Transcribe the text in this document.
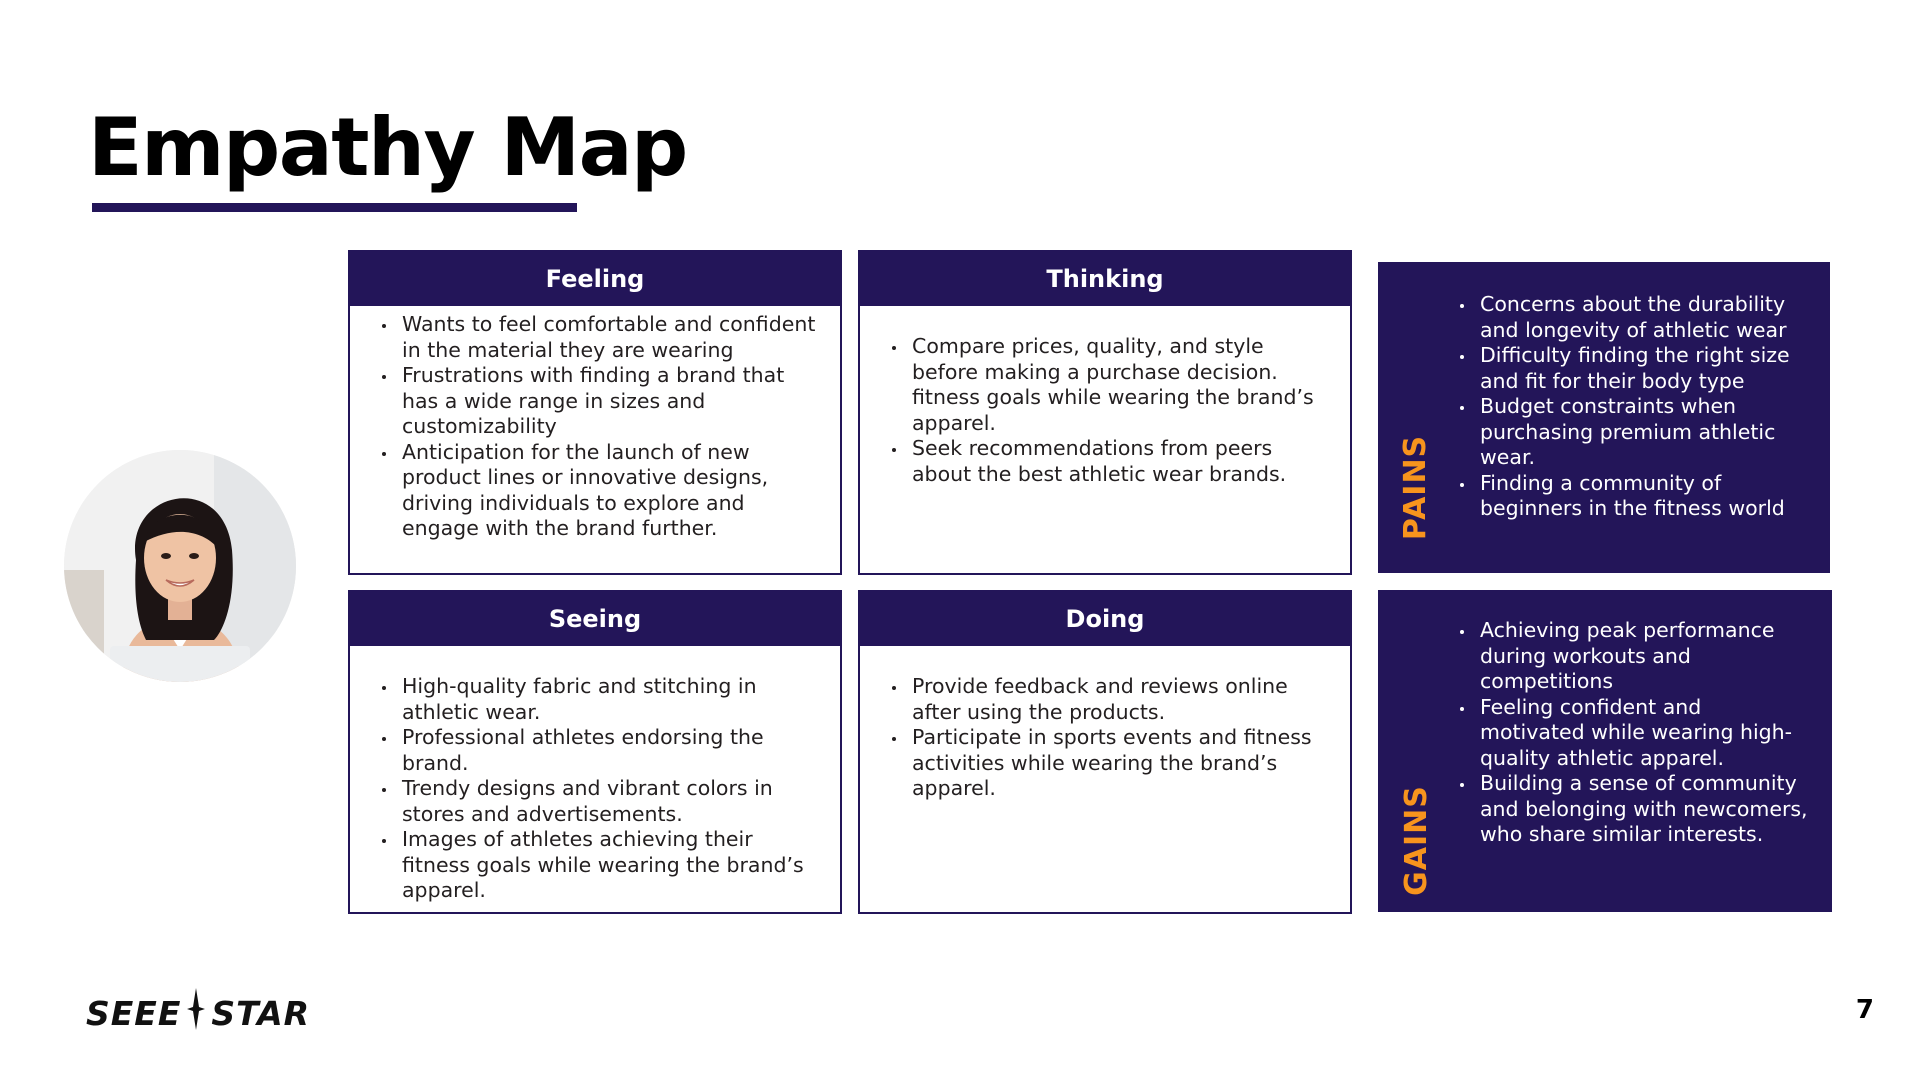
Empathy Map
Feeling
Wants to feel comfortable and confident in the material they are wearing
Frustrations with finding a brand that has a wide range in sizes and customizability
Anticipation for the launch of new product lines or innovative designs, driving individuals to explore and engage with the brand further.
Thinking
Compare prices, quality, and style before making a purchase decision. fitness goals while wearing the brand’s apparel.
Seek recommendations from peers about the best athletic wear brands.
Seeing
High-quality fabric and stitching in athletic wear.
Professional athletes endorsing the brand.
Trendy designs and vibrant colors in stores and advertisements.
Images of athletes achieving their fitness goals while wearing the brand’s apparel.
Doing
Provide feedback and reviews online after using the products.
Participate in sports events and fitness activities while wearing the brand’s apparel.
PAINS
Concerns about the durability and longevity of athletic wear
Difficulty finding the right size and fit for their body type
Budget constraints when purchasing premium athletic wear.
Finding a community of beginners in the fitness world
GAINS
Achieving peak performance during workouts and competitions
Feeling confident and motivated while wearing high-quality athletic apparel.
Building a sense of community and belonging with newcomers, who share similar interests.
SEEE STAR	7
